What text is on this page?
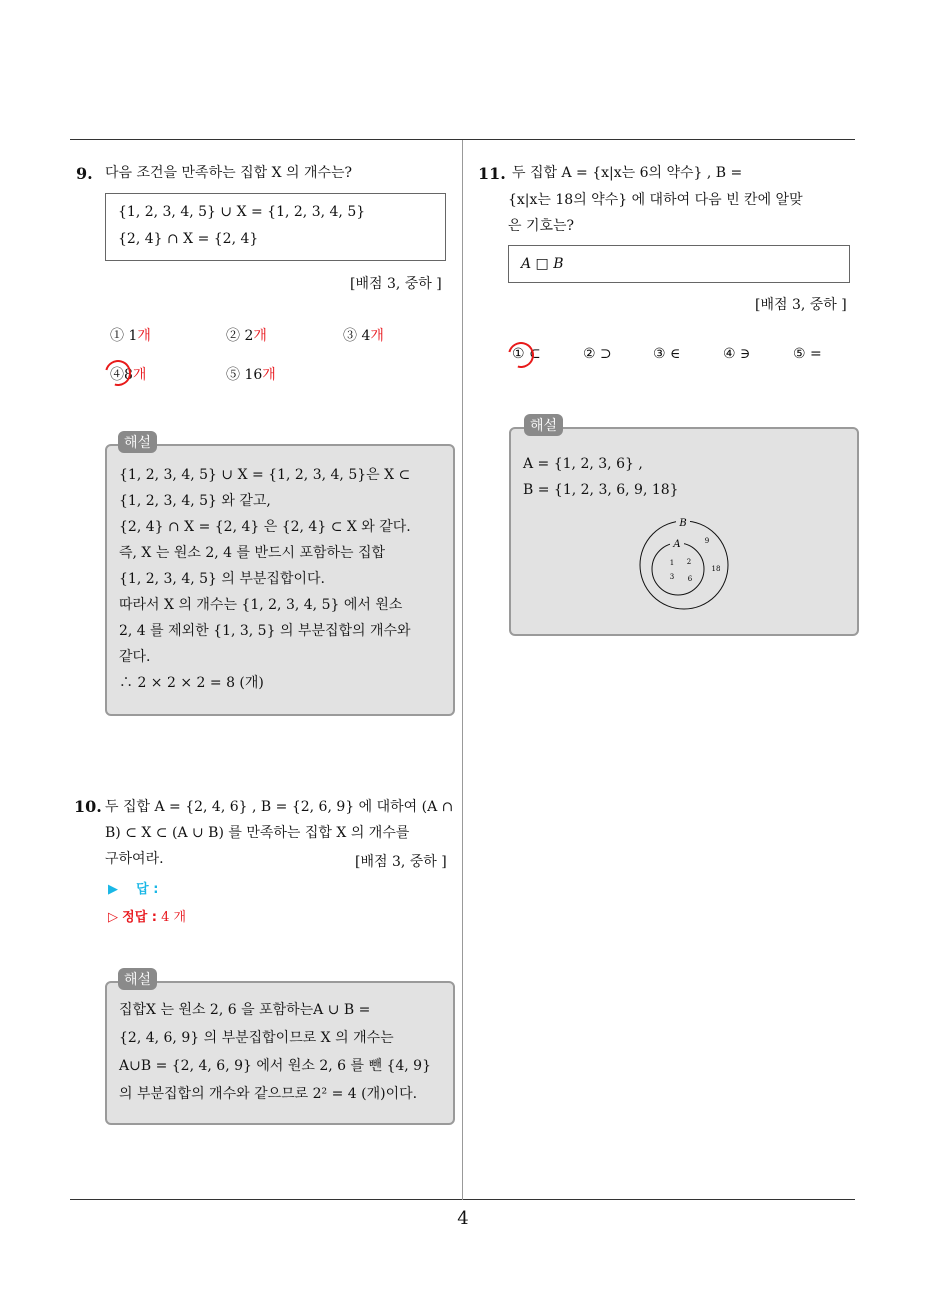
9. 다음 조건을 만족하는 집합 X 의 개수는?
{1, 2, 3, 4, 5} ∪ X = {1, 2, 3, 4, 5}
{2, 4} ∩ X = {2, 4}
[배점 3, 중하 ]
① 1개	② 2개	③ 4개
④8개	⑤ 16개
{1, 2, 3, 4, 5} ∪ X = {1, 2, 3, 4, 5}은 X ⊂
{1, 2, 3, 4, 5} 와 같고,
{2, 4} ∩ X = {2, 4} 은 {2, 4} ⊂ X 와 같다.
즉, X 는 원소 2, 4 를 반드시 포함하는 집합
{1, 2, 3, 4, 5} 의 부분집합이다.
따라서 X 의 개수는 {1, 2, 3, 4, 5} 에서 원소
2, 4 를 제외한 {1, 3, 5} 의 부분집합의 개수와
같다.
∴ 2 × 2 × 2 = 8 (개)
해설
10. 두 집합 A = {2, 4, 6} , B = {2, 6, 9} 에 대하여 (A ∩
B) ⊂ X ⊂ (A ∪ B) 를 만족하는 집합 X 의 개수를
구하여라.	[배점 3, 중하 ]
▶ 답 :
▷ 정답 : 4 개
집합X 는 원소 2, 6 을 포함하는A ∪ B =
{2, 4, 6, 9} 의 부분집합이므로 X 의 개수는
A∪B = {2, 4, 6, 9} 에서 원소 2, 6 를 뺀 {4, 9}
의 부분집합의 개수와 같으므로 2² = 4 (개)이다.
해설
11. 두 집합 A = {x|x는 6의 약수} , B =
{x|x는 18의 약수} 에 대하여 다음 빈 칸에 알맞
은 기호는?
A □ B
[배점 3, 중하 ]
① ⊂	② ⊃	③ ∈	④ ∋	⑤ =
A = {1, 2, 3, 6} ,
B = {1, 2, 3, 6, 9, 18}
B
A
1 2
3 6
9
18
해설
4
